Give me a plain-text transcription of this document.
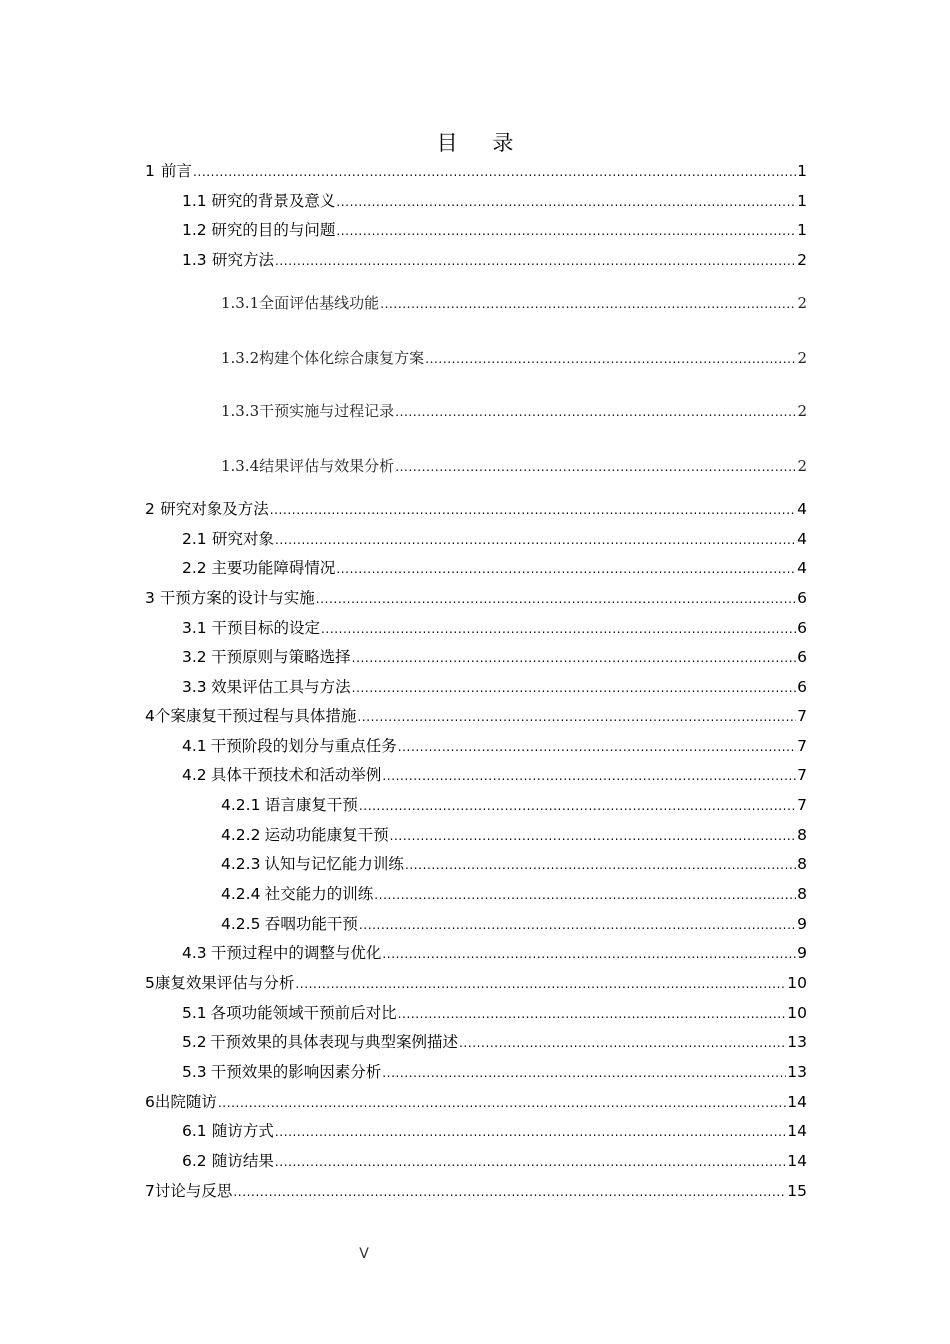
目 录
1 前言 .....	1
1.1 研究的背景及意义 .....	1
1.2 研究的目的与问题 .....	1
1.3 研究方法 .....	2
1.3.1 全面评估基线功能 .....	2
1.3.2 构建个体化综合康复方案 .....	2
1.3.3 干预实施与过程记录 .....	2
1.3.4 结果评估与效果分析 .....	2
2 研究对象及方法 .....	4
2.1 研究对象 .....	4
2.2 主要功能障碍情况 .....	4
3 干预方案的设计与实施 .....	6
3.1 干预目标的设定 .....	6
3.2 干预原则与策略选择 .....	6
3.3 效果评估工具与方法 .....	6
4 个案康复干预过程与具体措施 .....	7
4.1 干预阶段的划分与重点任务 .....	7
4.2 具体干预技术和活动举例 .....	7
4.2.1 语言康复干预 .....	7
4.2.2 运动功能康复干预 .....	8
4.2.3 认知与记忆能力训练 .....	8
4.2.4 社交能力的训练 .....	8
4.2.5 吞咽功能干预 .....	9
4.3 干预过程中的调整与优化 .....	9
5 康复效果评估与分析 .....	10
5.1 各项功能领域干预前后对比 .....	10
5.2 干预效果的具体表现与典型案例描述 .....	13
5.3 干预效果的影响因素分析 .....	13
6 出院随访 .....	14
6.1 随访方式 .....	14
6.2 随访结果 .....	14
7 讨论与反思 .....	15
V
